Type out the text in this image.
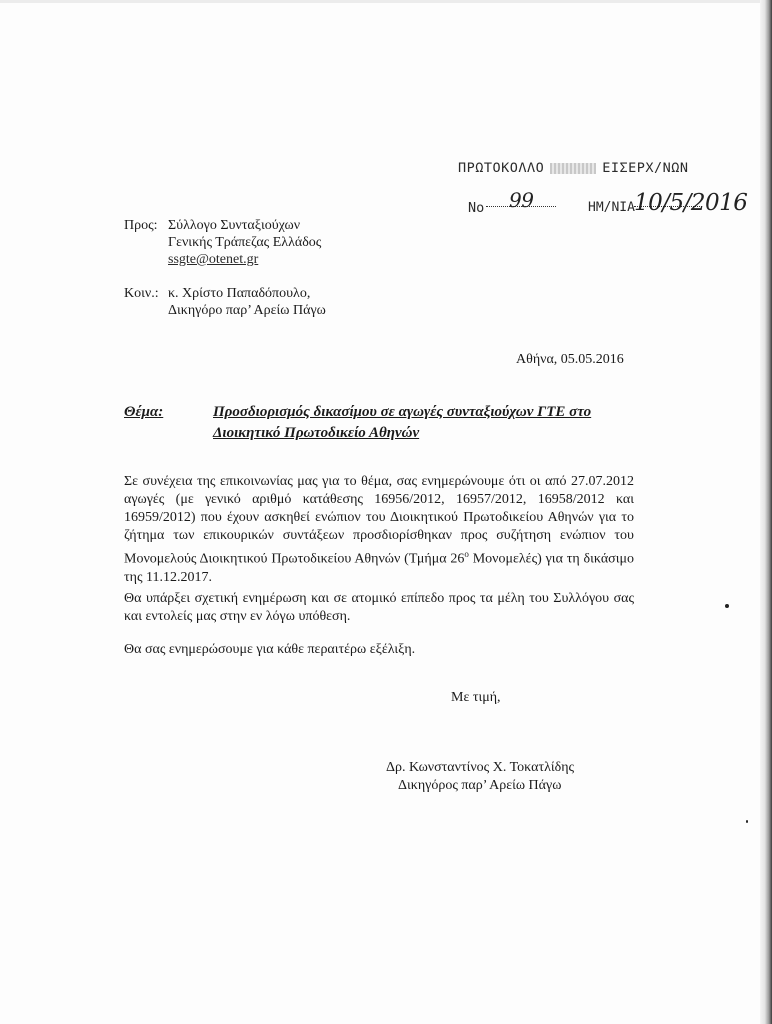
ΠΡΩΤΟΚΟΛΛΟ	ΕΙΣΕΡΧ/ΝΩΝ
No 99	ΗΜ/ΝΙΑ 10/5/2016
Προς: Σύλλογο Συνταξιούχων
Γενικής Τράπεζας Ελλάδος
ssgte@otenet.gr
Κοιν.: κ. Χρίστο Παπαδόπουλο,
Δικηγόρο παρ’ Αρείω Πάγω
Αθήνα, 05.05.2016
Θέμα:	Προσδιορισμός δικασίμου σε αγωγές συνταξιούχων ΓΤΕ στο
Διοικητικό Πρωτοδικείο Αθηνών
Σε συνέχεια της επικοινωνίας μας για το θέμα, σας ενημερώνουμε ότι οι από 27.07.2012 αγωγές (με γενικό αριθμό κατάθεσης 16956/2012, 16957/2012, 16958/2012 και 16959/2012) που έχουν ασκηθεί ενώπιον του Διοικητικού Πρωτοδικείου Αθηνών για το ζήτημα των επικουρικών συντάξεων προσδιορίσθηκαν προς συζήτηση ενώπιον του Μονομελούς Διοικητικού Πρωτοδικείου Αθηνών (Τμήμα $26^o$ Μονομελές) για τη δικάσιμο της 11.12.2017.
Θα υπάρξει σχετική ενημέρωση και σε ατομικό επίπεδο προς τα μέλη του Συλλόγου σας και εντολείς μας στην εν λόγω υπόθεση.
Θα σας ενημερώσουμε για κάθε περαιτέρω εξέλιξη.
Με τιμή,
Δρ. Κωνσταντίνος Χ. Τοκατλίδης
Δικηγόρος παρ’ Αρείω Πάγω
